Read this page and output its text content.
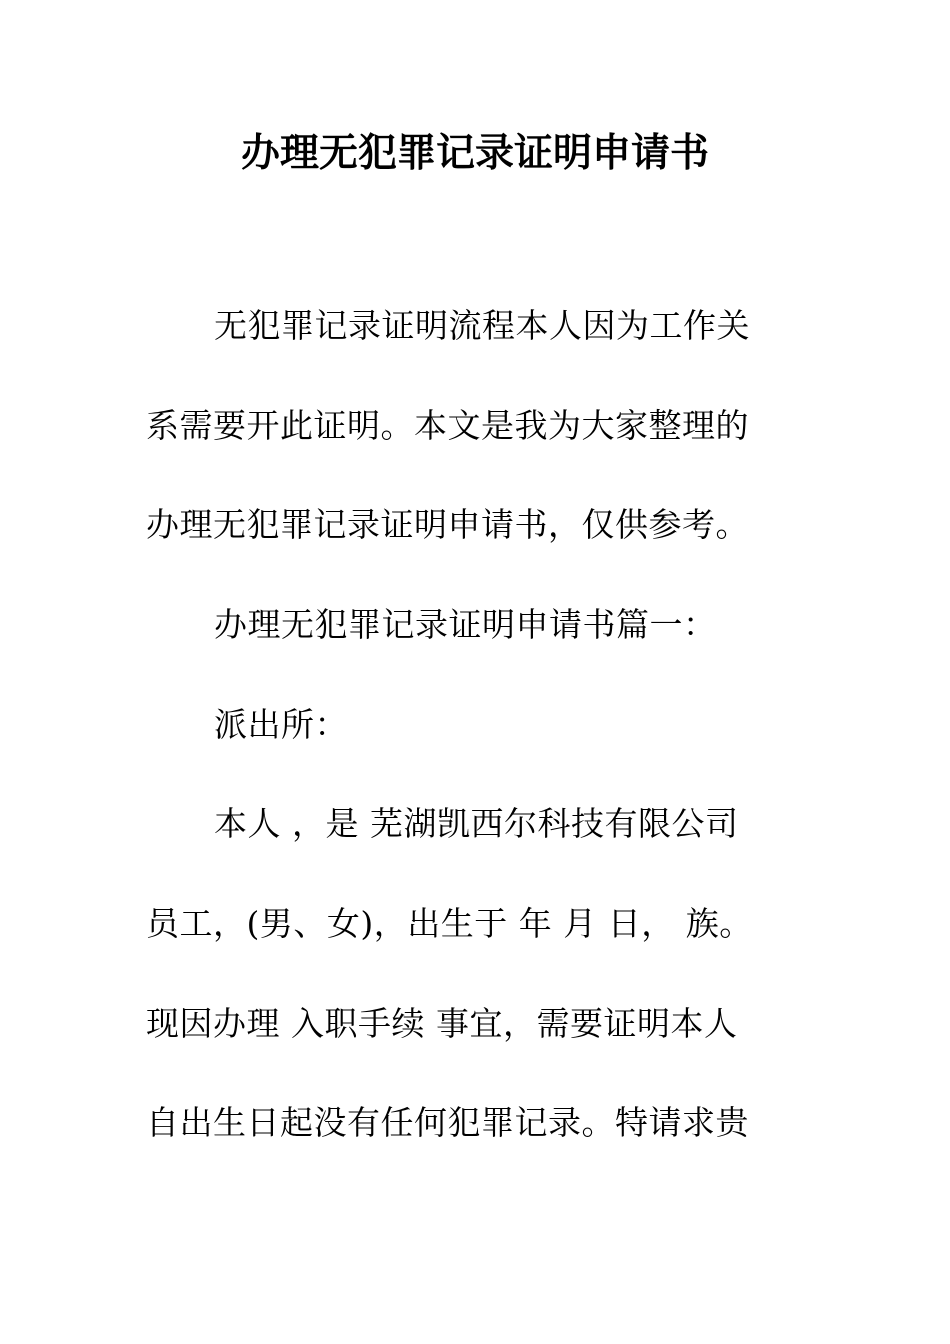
办理无犯罪记录证明申请书
无犯罪记录证明流程本人因为工作关
系需要开此证明。本文是我为大家整理的
办理无犯罪记录证明申请书，仅供参考。
办理无犯罪记录证明申请书篇一：
派出所：
本人 ，是 芜湖凯西尔科技有限公司
员工，(男、女)，出生于 年 月 日， 族。
现因办理 入职手续 事宜，需要证明本人
自出生日起没有任何犯罪记录。特请求贵
